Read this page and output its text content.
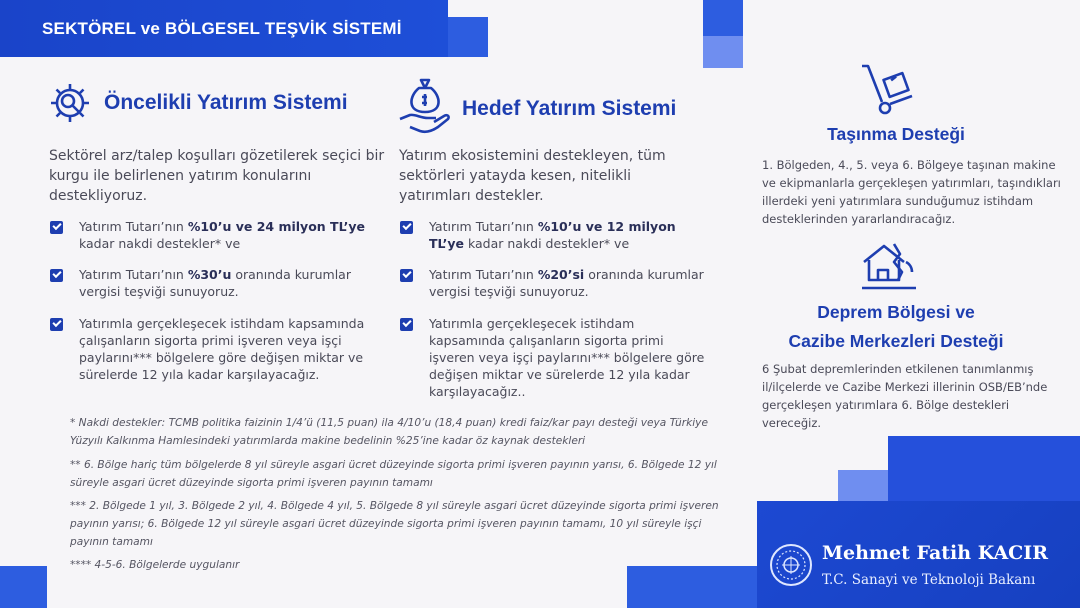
SEKTÖREL ve BÖLGESEL TEŞVİK SİSTEMİ
Öncelikli Yatırım Sistemi
Sektörel arz/talep koşulları gözetilerek seçici bir kurgu ile belirlenen yatırım konularını destekliyoruz.
Yatırım Tutarı’nın %10’u ve 24 milyon TL’ye kadar nakdi destekler* ve
Yatırım Tutarı’nın %30’u oranında kurumlar vergisi teşviği sunuyoruz.
Yatırımla gerçekleşecek istihdam kapsamında çalışanların sigorta primi işveren veya işçi paylarını*** bölgelere göre değişen miktar ve sürelerde 12 yıla kadar karşılayacağız.
Hedef Yatırım Sistemi
Yatırım ekosistemini destekleyen, tüm sektörleri yatayda kesen, nitelikli yatırımları destekler.
Yatırım Tutarı’nın %10’u ve 12 milyon TL’ye kadar nakdi destekler* ve
Yatırım Tutarı’nın %20’si oranında kurumlar vergisi teşviği sunuyoruz.
Yatırımla gerçekleşecek istihdam kapsamında çalışanların sigorta primi işveren veya işçi paylarını*** bölgelere göre değişen miktar ve sürelerde 12 yıla kadar karşılayacağız..
* Nakdi destekler: TCMB politika faizinin 1/4’ü (11,5 puan) ila 4/10’u (18,4 puan) kredi faiz/kar payı desteği veya Türkiye Yüzyılı Kalkınma Hamlesindeki yatırımlarda makine bedelinin %25’ine kadar öz kaynak destekleri
** 6. Bölge hariç tüm bölgelerde 8 yıl süreyle asgari ücret düzeyinde sigorta primi işveren payının yarısı, 6. Bölgede 12 yıl süreyle asgari ücret düzeyinde sigorta primi işveren payının tamamı
*** 2. Bölgede 1 yıl, 3. Bölgede 2 yıl, 4. Bölgede 4 yıl, 5. Bölgede 8 yıl süreyle asgari ücret düzeyinde sigorta primi işveren payının yarısı; 6. Bölgede 12 yıl süreyle asgari ücret düzeyinde sigorta primi işveren payının tamamı, 10 yıl süreyle işçi payının tamamı
**** 4-5-6. Bölgelerde uygulanır
Taşınma Desteği
1. Bölgeden, 4., 5. veya 6. Bölgeye taşınan makine ve ekipmanlarla gerçekleşen yatırımları, taşındıkları illerdeki yeni yatırımlara sunduğumuz istihdam desteklerinden yararlandıracağız.
Deprem Bölgesi ve
Cazibe Merkezleri Desteği
6 Şubat depremlerinden etkilenen tanımlanmış il/ilçelerde ve Cazibe Merkezi illerinin OSB/EB’nde gerçekleşen yatırımlara 6. Bölge destekleri vereceğiz.
Mehmet Fatih KACIR
T.C. Sanayi ve Teknoloji Bakanı
